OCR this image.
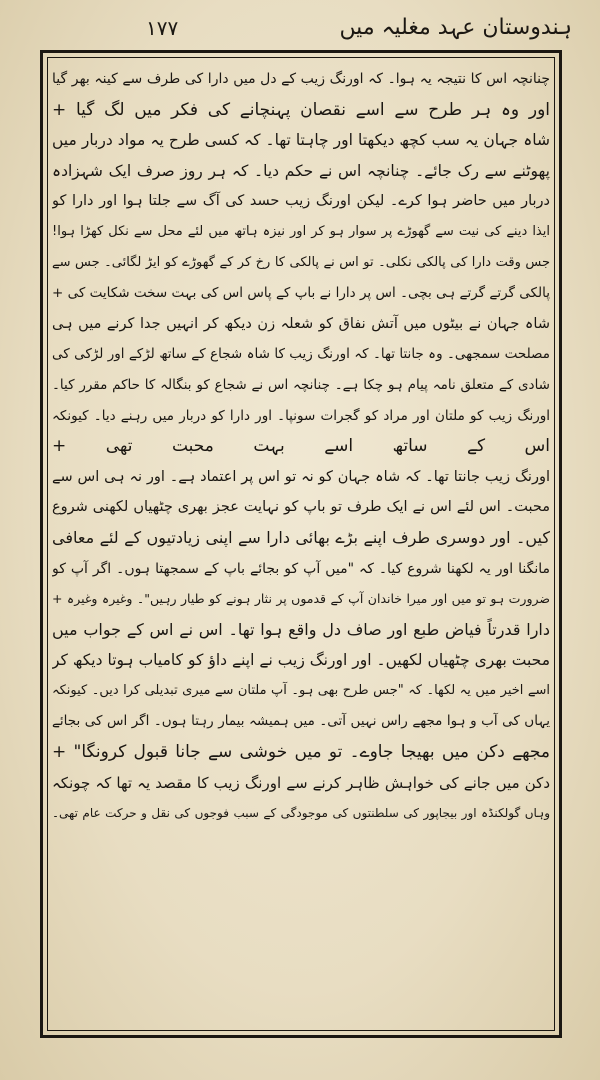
ہندوستان عہد مغلیہ میں
۱۷۷
چنانچہ اس کا نتیجہ یہ ہوا۔ کہ اورنگ زیب کے دل میں دارا کی طرف سے کینہ بھر گیا
اور وہ ہر طرح سے اسے نقصان پہنچانے کی فکر میں لگ گیا +
شاہ جہان یہ سب کچھ دیکھتا اور چاہتا تھا۔ کہ کسی طرح یہ مواد دربار میں
پھوٹنے سے رک جائے۔ چنانچہ اس نے حکم دیا۔ کہ ہر روز صرف ایک شہزادہ
دربار میں حاضر ہوا کرے۔ لیکن اورنگ زیب حسد کی آگ سے جلتا ہوا اور دارا کو
ایذا دینے کی نیت سے گھوڑے پر سوار ہو کر اور نیزہ ہاتھ میں لئے محل سے نکل کھڑا ہوا!
جس وقت دارا کی پالکی نکلی۔ تو اس نے پالکی کا رخ کر کے گھوڑے کو ایڑ لگائی۔ جس سے
پالکی گرتے گرتے ہی بچی۔ اس پر دارا نے باپ کے پاس اس کی بہت سخت شکایت کی +
شاہ جہان نے بیٹوں میں آتش نفاق کو شعلہ زن دیکھ کر انہیں جدا کرنے میں ہی
مصلحت سمجھی۔ وہ جانتا تھا۔ کہ اورنگ زیب کا شاہ شجاع کے ساتھ لڑکے اور لڑکی کی
شادی کے متعلق نامہ پیام ہو چکا ہے۔ چنانچہ اس نے شجاع کو بنگالہ کا حاکم مقرر کیا۔
اورنگ زیب کو ملتان اور مراد کو گجرات سونپا۔ اور دارا کو دربار میں رہنے دیا۔ کیونکہ
اس کے ساتھ اسے بہت محبت تھی +
اورنگ زیب جانتا تھا۔ کہ شاہ جہان کو نہ تو اس پر اعتماد ہے۔ اور نہ ہی اس سے
محبت۔ اس لئے اس نے ایک طرف تو باپ کو نہایت عجز بھری چٹھیاں لکھنی شروع
کیں۔ اور دوسری طرف اپنے بڑے بھائی دارا سے اپنی زیادتیوں کے لئے معافی
مانگنا اور یہ لکھنا شروع کیا۔ کہ "میں آپ کو بجائے باپ کے سمجھتا ہوں۔ اگر آپ کو
ضرورت ہو تو میں اور میرا خاندان آپ کے قدموں پر نثار ہونے کو طیار رہیں"۔ وغیرہ وغیرہ +
دارا قدرتاً فیاض طبع اور صاف دل واقع ہوا تھا۔ اس نے اس کے جواب میں
محبت بھری چٹھیاں لکھیں۔ اور اورنگ زیب نے اپنے داؤ کو کامیاب ہوتا دیکھ کر
اسے اخیر میں یہ لکھا۔ کہ "جس طرح بھی ہو۔ آپ ملتان سے میری تبدیلی کرا دیں۔ کیونکہ
یہاں کی آب و ہوا مجھے راس نہیں آتی۔ میں ہمیشہ بیمار رہتا ہوں۔ اگر اس کی بجائے
مجھے دکن میں بھیجا جاوے۔ تو میں خوشی سے جانا قبول کرونگا" +
دکن میں جانے کی خواہش ظاہر کرنے سے اورنگ زیب کا مقصد یہ تھا کہ چونکہ
وہاں گولکنڈہ اور بیجاپور کی سلطنتوں کی موجودگی کے سبب فوجوں کی نقل و حرکت عام تھی۔
